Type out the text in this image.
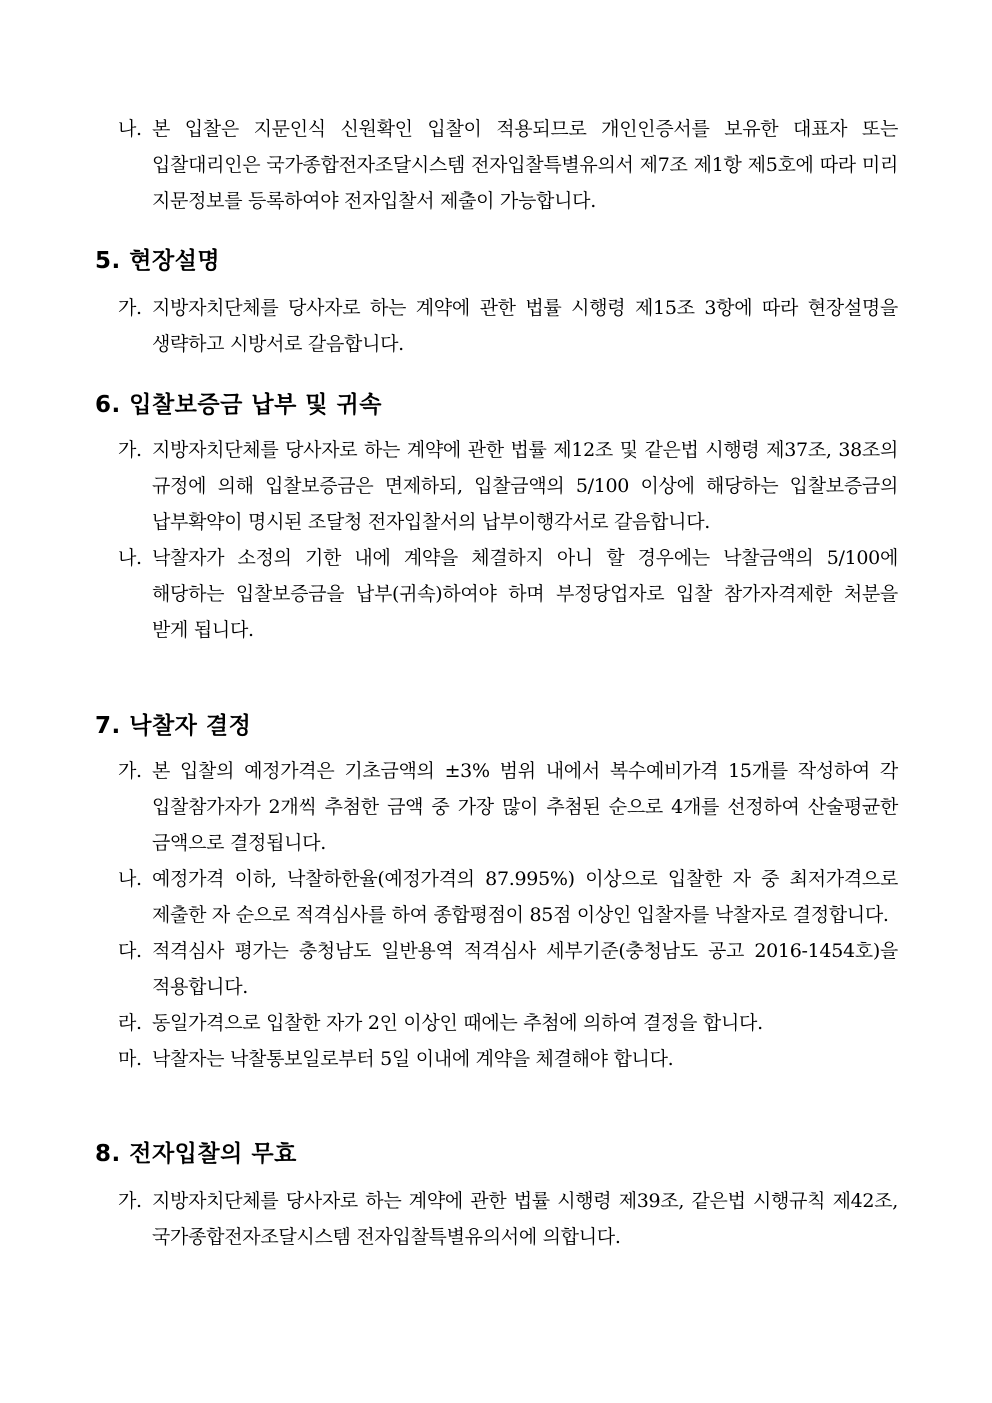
나. 본 입찰은 지문인식 신원확인 입찰이 적용되므로 개인인증서를 보유한 대표자 또는 입찰대리인은 국가종합전자조달시스템 전자입찰특별유의서 제7조 제1항 제5호에 따라 미리 지문정보를 등록하여야 전자입찰서 제출이 가능합니다.
5. 현장설명
가. 지방자치단체를 당사자로 하는 계약에 관한 법률 시행령 제15조 3항에 따라 현장설명을 생략하고 시방서로 갈음합니다.
6. 입찰보증금 납부 및 귀속
가. 지방자치단체를 당사자로 하는 계약에 관한 법률 제12조 및 같은법 시행령 제37조, 38조의 규정에 의해 입찰보증금은 면제하되, 입찰금액의 5/100 이상에 해당하는 입찰보증금의 납부확약이 명시된 조달청 전자입찰서의 납부이행각서로 갈음합니다.
나. 낙찰자가 소정의 기한 내에 계약을 체결하지 아니 할 경우에는 낙찰금액의 5/100에 해당하는 입찰보증금을 납부(귀속)하여야 하며 부정당업자로 입찰 참가자격제한 처분을 받게 됩니다.
7. 낙찰자 결정
가. 본 입찰의 예정가격은 기초금액의 ±3% 범위 내에서 복수예비가격 15개를 작성하여 각 입찰참가자가 2개씩 추첨한 금액 중 가장 많이 추첨된 순으로 4개를 선정하여 산술평균한 금액으로 결정됩니다.
나. 예정가격 이하, 낙찰하한율(예정가격의 87.995%) 이상으로 입찰한 자 중 최저가격으로 제출한 자 순으로 적격심사를 하여 종합평점이 85점 이상인 입찰자를 낙찰자로 결정합니다.
다. 적격심사 평가는 충청남도 일반용역 적격심사 세부기준(충청남도 공고 2016-1454호)을 적용합니다.
라. 동일가격으로 입찰한 자가 2인 이상인 때에는 추첨에 의하여 결정을 합니다.
마. 낙찰자는 낙찰통보일로부터 5일 이내에 계약을 체결해야 합니다.
8. 전자입찰의 무효
가. 지방자치단체를 당사자로 하는 계약에 관한 법률 시행령 제39조, 같은법 시행규칙 제42조, 국가종합전자조달시스템 전자입찰특별유의서에 의합니다.
